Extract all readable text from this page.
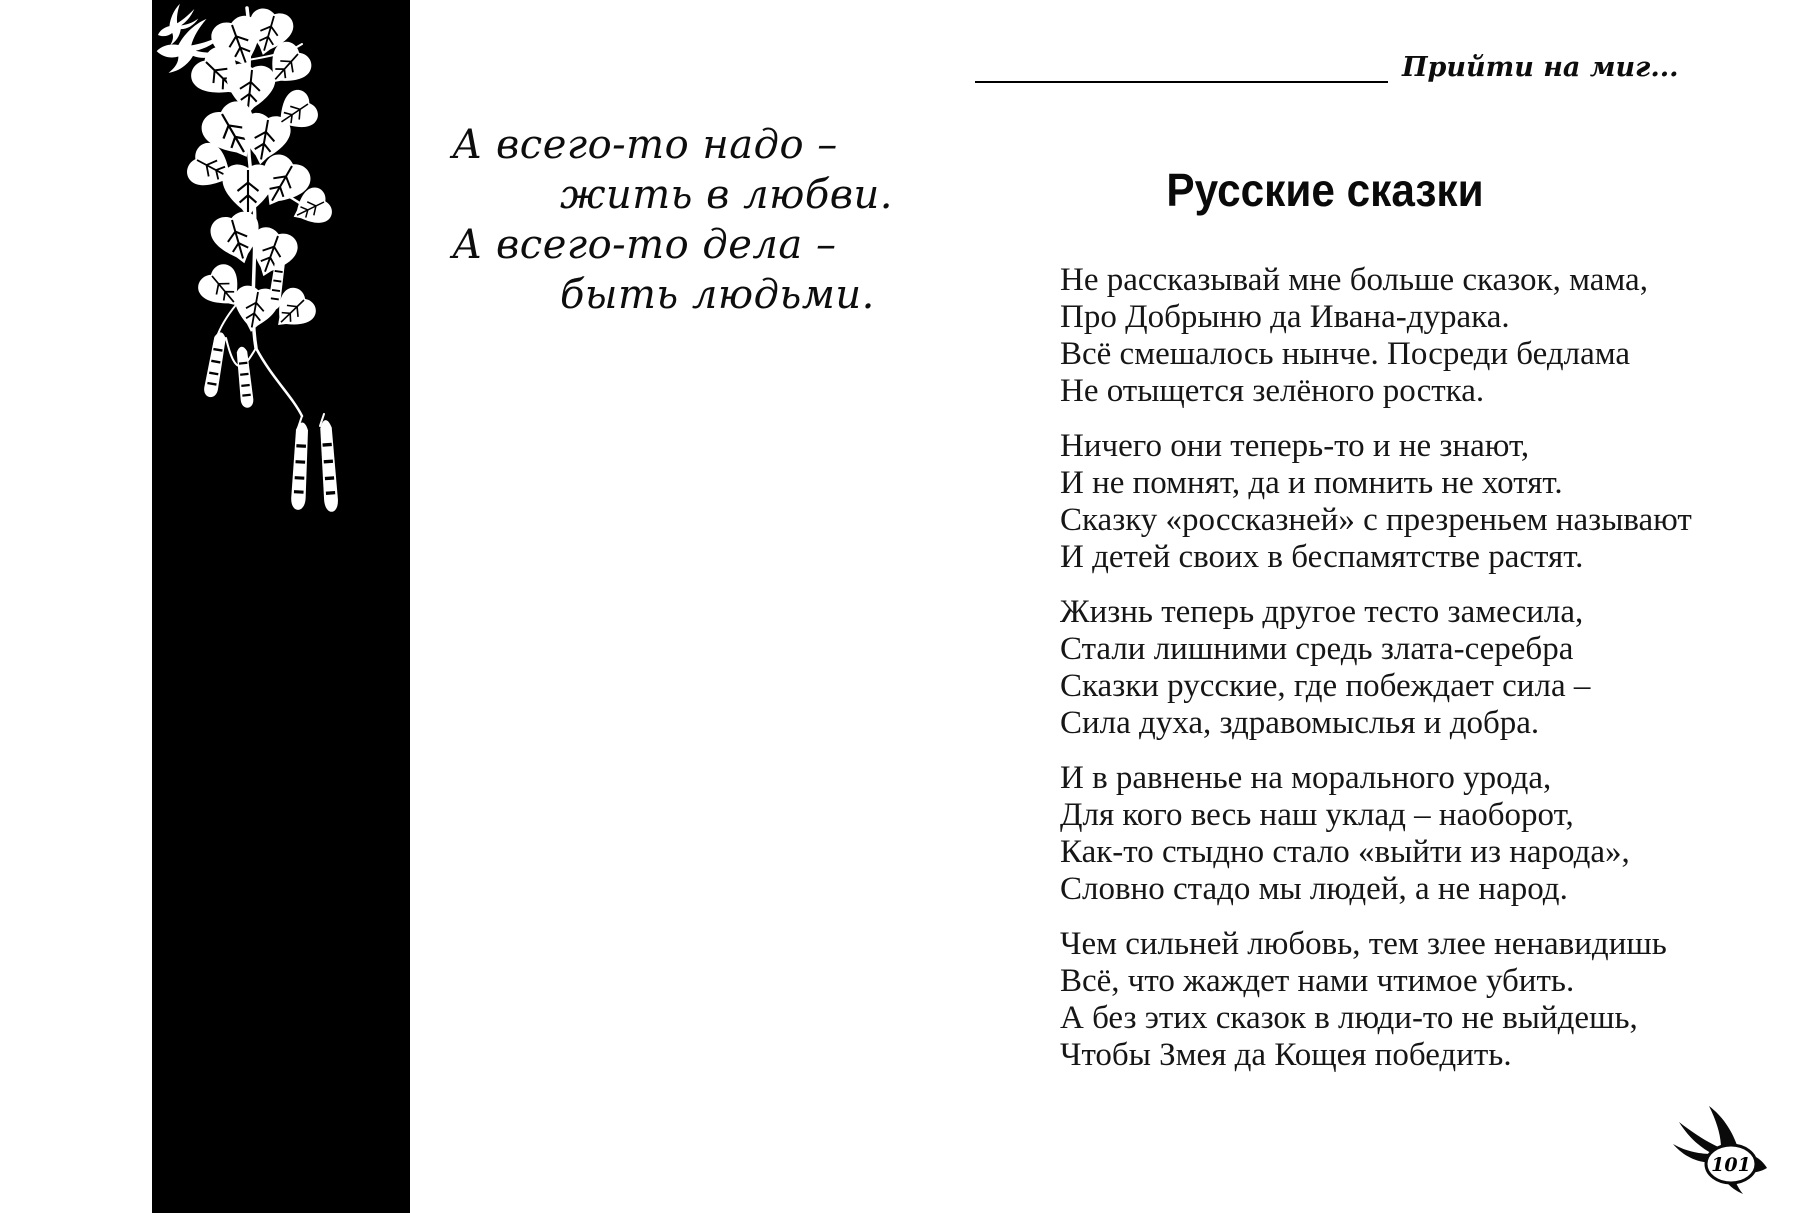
А всего-то надо –
жить в любви.
А всего-то дела –
быть людьми.
Прийти на миг...
Русские сказки
Не рассказывай мне больше сказок, мама,
Про Добрыню да Ивана-дурака.
Всё смешалось нынче. Посреди бедлама
Не отыщется зелёного ростка.
Ничего они теперь-то и не знают,
И не помнят, да и помнить не хотят.
Сказку «россказней» с презреньем называют
И детей своих в беспамятстве растят.
Жизнь теперь другое тесто замесила,
Стали лишними средь злата-серебра
Сказки русские, где побеждает сила –
Сила духа, здравомыслья и добра.
И в равненье на морального урода,
Для кого весь наш уклад – наоборот,
Как-то стыдно стало «выйти из народа»,
Словно стадо мы людей, а не народ.
Чем сильней любовь, тем злее ненавидишь
Всё, что жаждет нами чтимое убить.
А без этих сказок в люди-то не выйдешь,
Чтобы Змея да Кощея победить.
101
